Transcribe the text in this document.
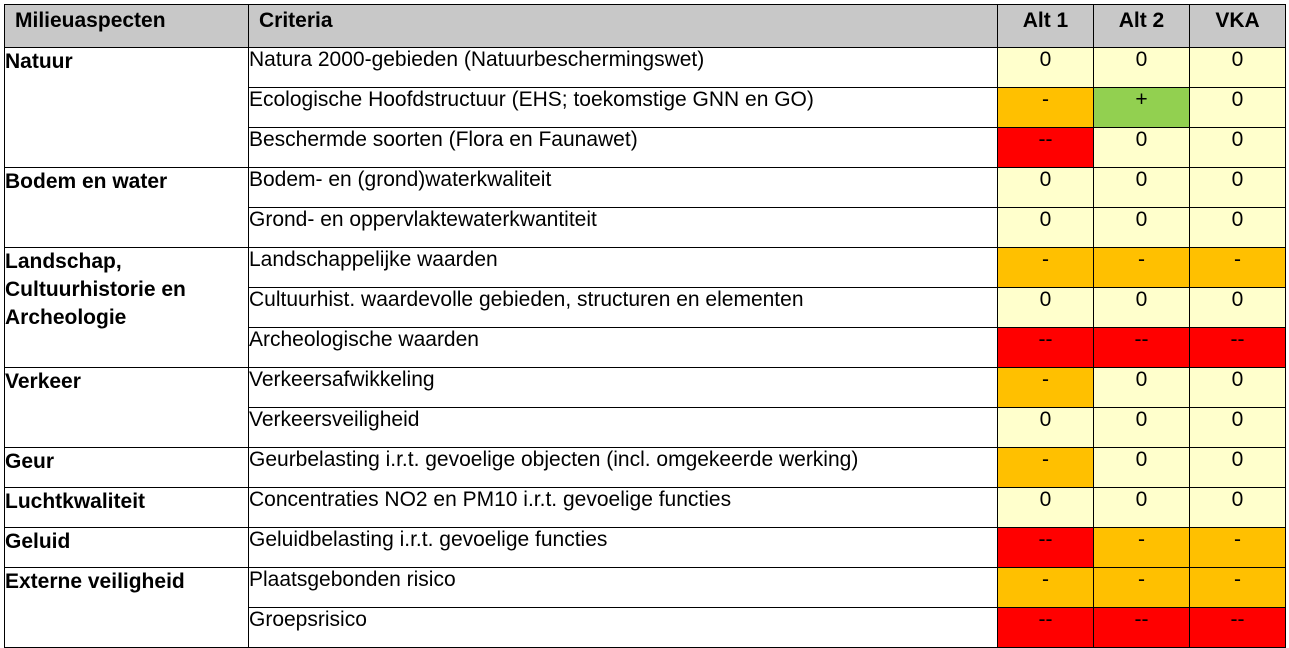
Milieuaspecten	Criteria	Alt 1	Alt 2	VKA
Natuur	Natura 2000-gebieden (Natuurbeschermingswet)	0	0	0
	Ecologische Hoofdstructuur (EHS; toekomstige GNN en GO)	-	+	0
	Beschermde soorten (Flora en Faunawet)	--	0	0
Bodem en water	Bodem- en (grond)waterkwaliteit	0	0	0
	Grond- en oppervlaktewaterkwantiteit	0	0	0
Landschap, Cultuurhistorie en Archeologie	Landschappelijke waarden	-	-	-
	Cultuurhist. waardevolle gebieden, structuren en elementen	0	0	0
	Archeologische waarden	--	--	--
Verkeer	Verkeersafwikkeling	-	0	0
	Verkeersveiligheid	0	0	0
Geur	Geurbelasting i.r.t. gevoelige objecten (incl. omgekeerde werking)	-	0	0
Luchtkwaliteit	Concentraties NO2 en PM10 i.r.t. gevoelige functies	0	0	0
Geluid	Geluidbelasting i.r.t. gevoelige functies	--	-	-
Externe veiligheid	Plaatsgebonden risico	-	-	-
	Groepsrisico	--	--	--
